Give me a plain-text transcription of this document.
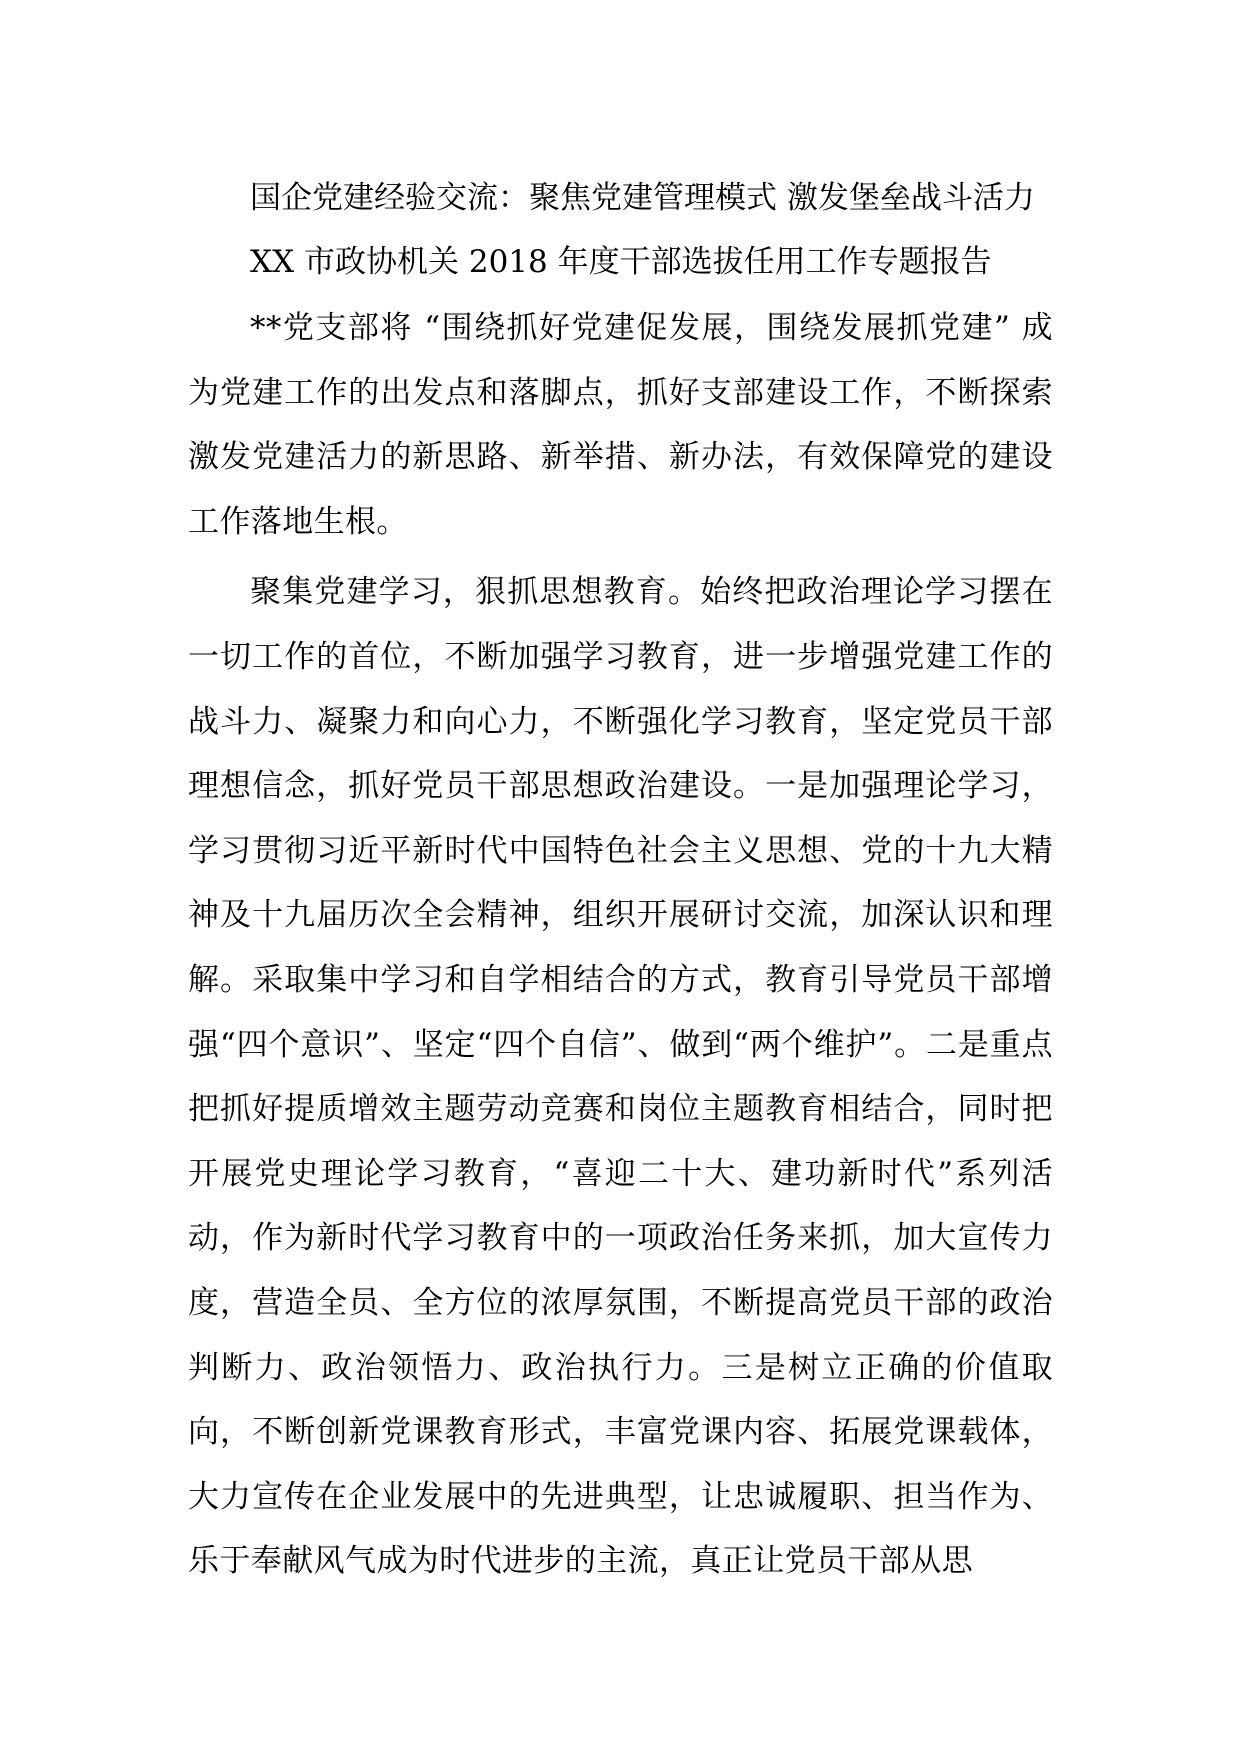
国企党建经验交流：聚焦党建管理模式 激发堡垒战斗活力
XX 市政协机关 2018 年度干部选拔任用工作专题报告

**党支部将 “围绕抓好党建促发展，围绕发展抓党建” 成为党建工作的出发点和落脚点，抓好支部建设工作，不断探索激发党建活力的新思路、新举措、新办法，有效保障党的建设工作落地生根。

聚集党建学习，狠抓思想教育。始终把政治理论学习摆在一切工作的首位，不断加强学习教育，进一步增强党建工作的战斗力、凝聚力和向心力，不断强化学习教育，坚定党员干部理想信念，抓好党员干部思想政治建设。一是加强理论学习，学习贯彻习近平新时代中国特色社会主义思想、党的十九大精神及十九届历次全会精神，组织开展研讨交流，加深认识和理解。采取集中学习和自学相结合的方式，教育引导党员干部增强“四个意识”、坚定“四个自信”、做到“两个维护”。二是重点把抓好提质增效主题劳动竞赛和岗位主题教育相结合，同时把开展党史理论学习教育，“喜迎二十大、建功新时代”系列活动，作为新时代学习教育中的一项政治任务来抓，加大宣传力度，营造全员、全方位的浓厚氛围，不断提高党员干部的政治判断力、政治领悟力、政治执行力。三是树立正确的价值取向，不断创新党课教育形式，丰富党课内容、拓展党课载体，大力宣传在企业发展中的先进典型，让忠诚履职、担当作为、乐于奉献风气成为时代进步的主流，真正让党员干部从思
